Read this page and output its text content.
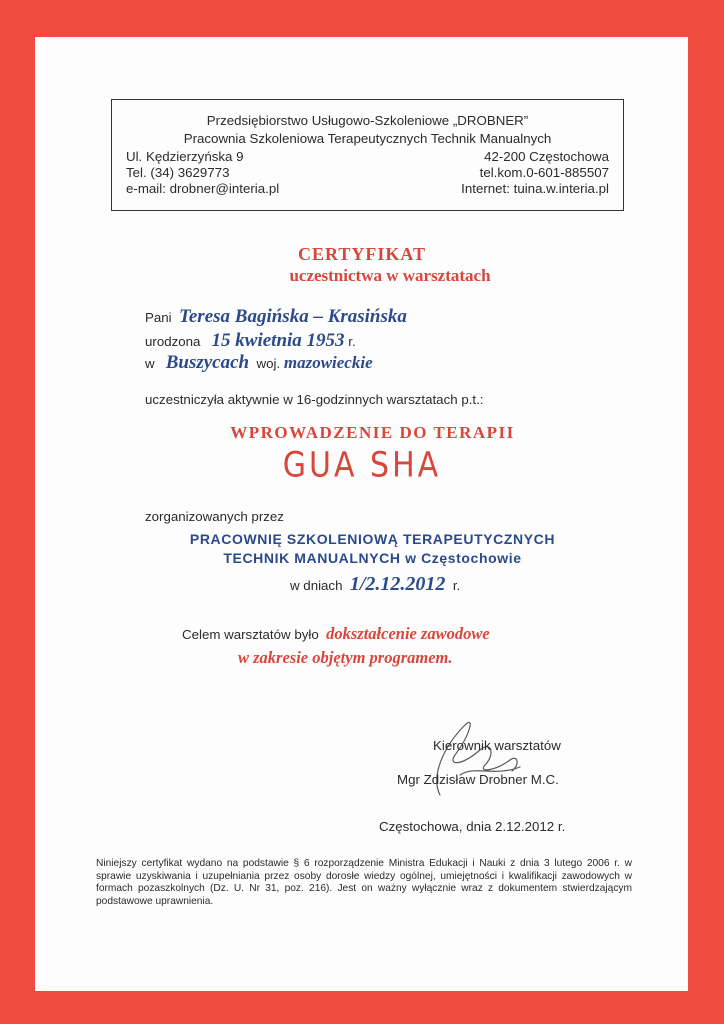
Przedsiębiorstwo Usługowo-Szkoleniowe „DROBNER”
Pracownia Szkoleniowa Terapeutycznych Technik Manualnych
Ul. Kędzierzyńska 9	42-200 Częstochowa
Tel. (34) 3629773	tel.kom.0-601-885507
e-mail: drobner@interia.pl	Internet: tuina.w.interia.pl
CERTYFIKAT
uczestnictwa w warsztatach
Pani Teresa Bagińska – Krasińska
urodzona 15 kwietnia 1953 r.
w Buszycach woj. mazowieckie
uczestniczyła aktywnie w 16-godzinnych warsztatach p.t.:
WPROWADZENIE DO TERAPII
GUA SHA
zorganizowanych przez
PRACOWNIĘ SZKOLENIOWĄ TERAPEUTYCZNYCH
TECHNIK MANUALNYCH w Częstochowie
w dniach 1/2.12.2012 r.
Celem warsztatów było dokształcenie zawodowe
w zakresie objętym programem.
Kierownik warsztatów
Mgr Zdzisław Drobner M.C.
Częstochowa, dnia 2.12.2012 r.
Niniejszy certyfikat wydano na podstawie § 6 rozporządzenie Ministra Edukacji i Nauki z dnia 3 lutego 2006 r. w sprawie uzyskiwania i uzupełniania przez osoby dorosłe wiedzy ogólnej, umiejętności i kwalifikacji zawodowych w formach pozaszkolnych (Dz. U. Nr 31, poz. 216). Jest on ważny wyłącznie wraz z dokumentem stwierdzającym podstawowe uprawnienia.
